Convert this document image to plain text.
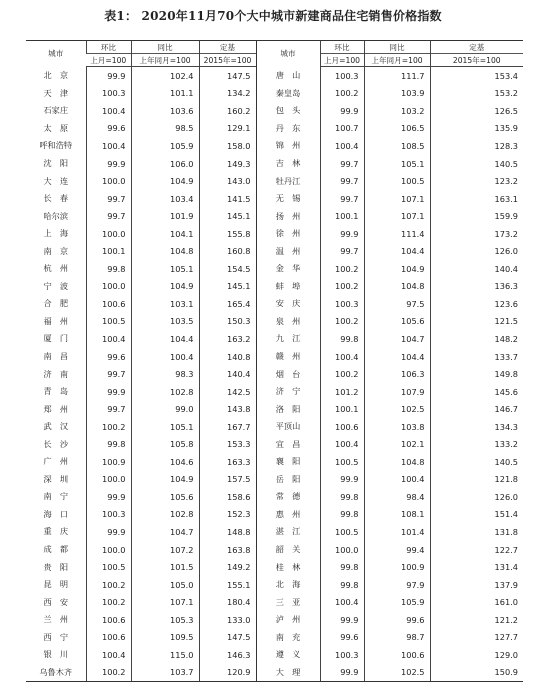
表1： 2020年11月70个大中城市新建商品住宅销售价格指数
城市	环比	同比	定基	城市	环比	同比	定基
	上月=100	上年同月=100	2015年=100		上月=100	上年同月=100	2015年=100
北　京	99.9	102.4	147.5	唐　山	100.3	111.7	153.4
天　津	100.3	101.1	134.2	秦皇岛	100.2	103.9	153.2
石家庄	100.4	103.6	160.2	包　头	99.9	103.2	126.5
太　原	99.6	98.5	129.1	丹　东	100.7	106.5	135.9
呼和浩特	100.4	105.9	158.0	锦　州	100.4	108.5	128.3
沈　阳	99.9	106.0	149.3	吉　林	99.7	105.1	140.5
大　连	100.0	104.9	143.0	牡丹江	99.7	100.5	123.2
长　春	99.7	103.4	141.5	无　锡	99.7	107.1	163.1
哈尔滨	99.7	101.9	145.1	扬　州	100.1	107.1	159.9
上　海	100.0	104.1	155.8	徐　州	99.9	111.4	173.2
南　京	100.1	104.8	160.8	温　州	99.7	104.4	126.0
杭　州	99.8	105.1	154.5	金　华	100.2	104.9	140.4
宁　波	100.0	104.9	145.1	蚌　埠	100.2	104.8	136.3
合　肥	100.6	103.1	165.4	安　庆	100.3	97.5	123.6
福　州	100.5	103.5	150.3	泉　州	100.2	105.6	121.5
厦　门	100.4	104.4	163.2	九　江	99.8	104.7	148.2
南　昌	99.6	100.4	140.8	赣　州	100.4	104.4	133.7
济　南	99.7	98.3	140.4	烟　台	100.2	106.3	149.8
青　岛	99.9	102.8	142.5	济　宁	101.2	107.9	145.6
郑　州	99.7	99.0	143.8	洛　阳	100.1	102.5	146.7
武　汉	100.2	105.1	167.7	平顶山	100.6	103.8	134.3
长　沙	99.8	105.8	153.3	宜　昌	100.4	102.1	133.2
广　州	100.9	104.6	163.3	襄　阳	100.5	104.8	140.5
深　圳	100.0	104.9	157.5	岳　阳	99.9	100.4	121.8
南　宁	99.9	105.6	158.6	常　德	99.8	98.4	126.0
海　口	100.3	102.8	152.3	惠　州	99.8	108.1	151.4
重　庆	99.9	104.7	148.8	湛　江	100.5	101.4	131.8
成　都	100.0	107.2	163.8	韶　关	100.0	99.4	122.7
贵　阳	100.5	101.5	149.2	桂　林	99.8	100.9	131.4
昆　明	100.2	105.0	155.1	北　海	99.8	97.9	137.9
西　安	100.2	107.1	180.4	三　亚	100.4	105.9	161.0
兰　州	100.6	105.3	133.0	泸　州	99.9	99.6	121.2
西　宁	100.6	109.5	147.5	南　充	99.6	98.7	127.7
银　川	100.4	115.0	146.3	遵　义	100.3	100.6	129.0
乌鲁木齐	100.2	103.7	120.9	大　理	99.9	102.5	150.9
